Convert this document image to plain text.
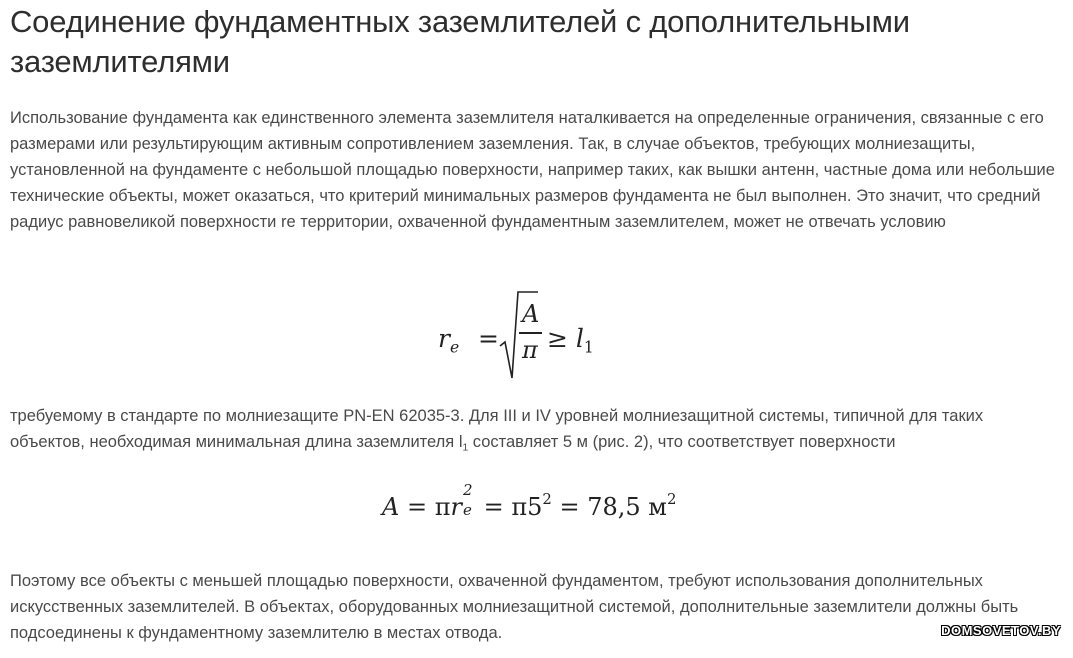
Соединение фундаментных заземлителей с дополнительными заземлителями

Использование фундамента как единственного элемента заземлителя наталкивается на определенные ограничения, связанные с его размерами или результирующим активным сопротивлением заземления. Так, в случае объектов, требующих молниезащиты, установленной на фундаменте с небольшой площадью поверхности, например таких, как вышки антенн, частные дома или небольшие технические объекты, может оказаться, что критерий минимальных размеров фундамента не был выполнен. Это значит, что средний радиус равновеликой поверхности re территории, охваченной фундаментным заземлителем, может не отвечать условию

требуемому в стандарте по молниезащите PN-EN 62035-3. Для III и IV уровней молниезащитной системы, типичной для таких объектов, необходимая минимальная длина заземлителя $l_1$ составляет 5 м (рис. 2), что соответствует поверхности

Поэтому все объекты с меньшей площадью поверхности, охваченной фундаментом, требуют использования дополнительных искусственных заземлителей. В объектах, оборудованных молниезащитной системой, дополнительные заземлители должны быть подсоединены к фундаментному заземлителю в местах отвода.

$r_e$ =
A
$\pi \ge l_1$
A = πr
2
$e = \pi 5^2 = 78,5$ $м^2$
DOMSOVETOV.BY
